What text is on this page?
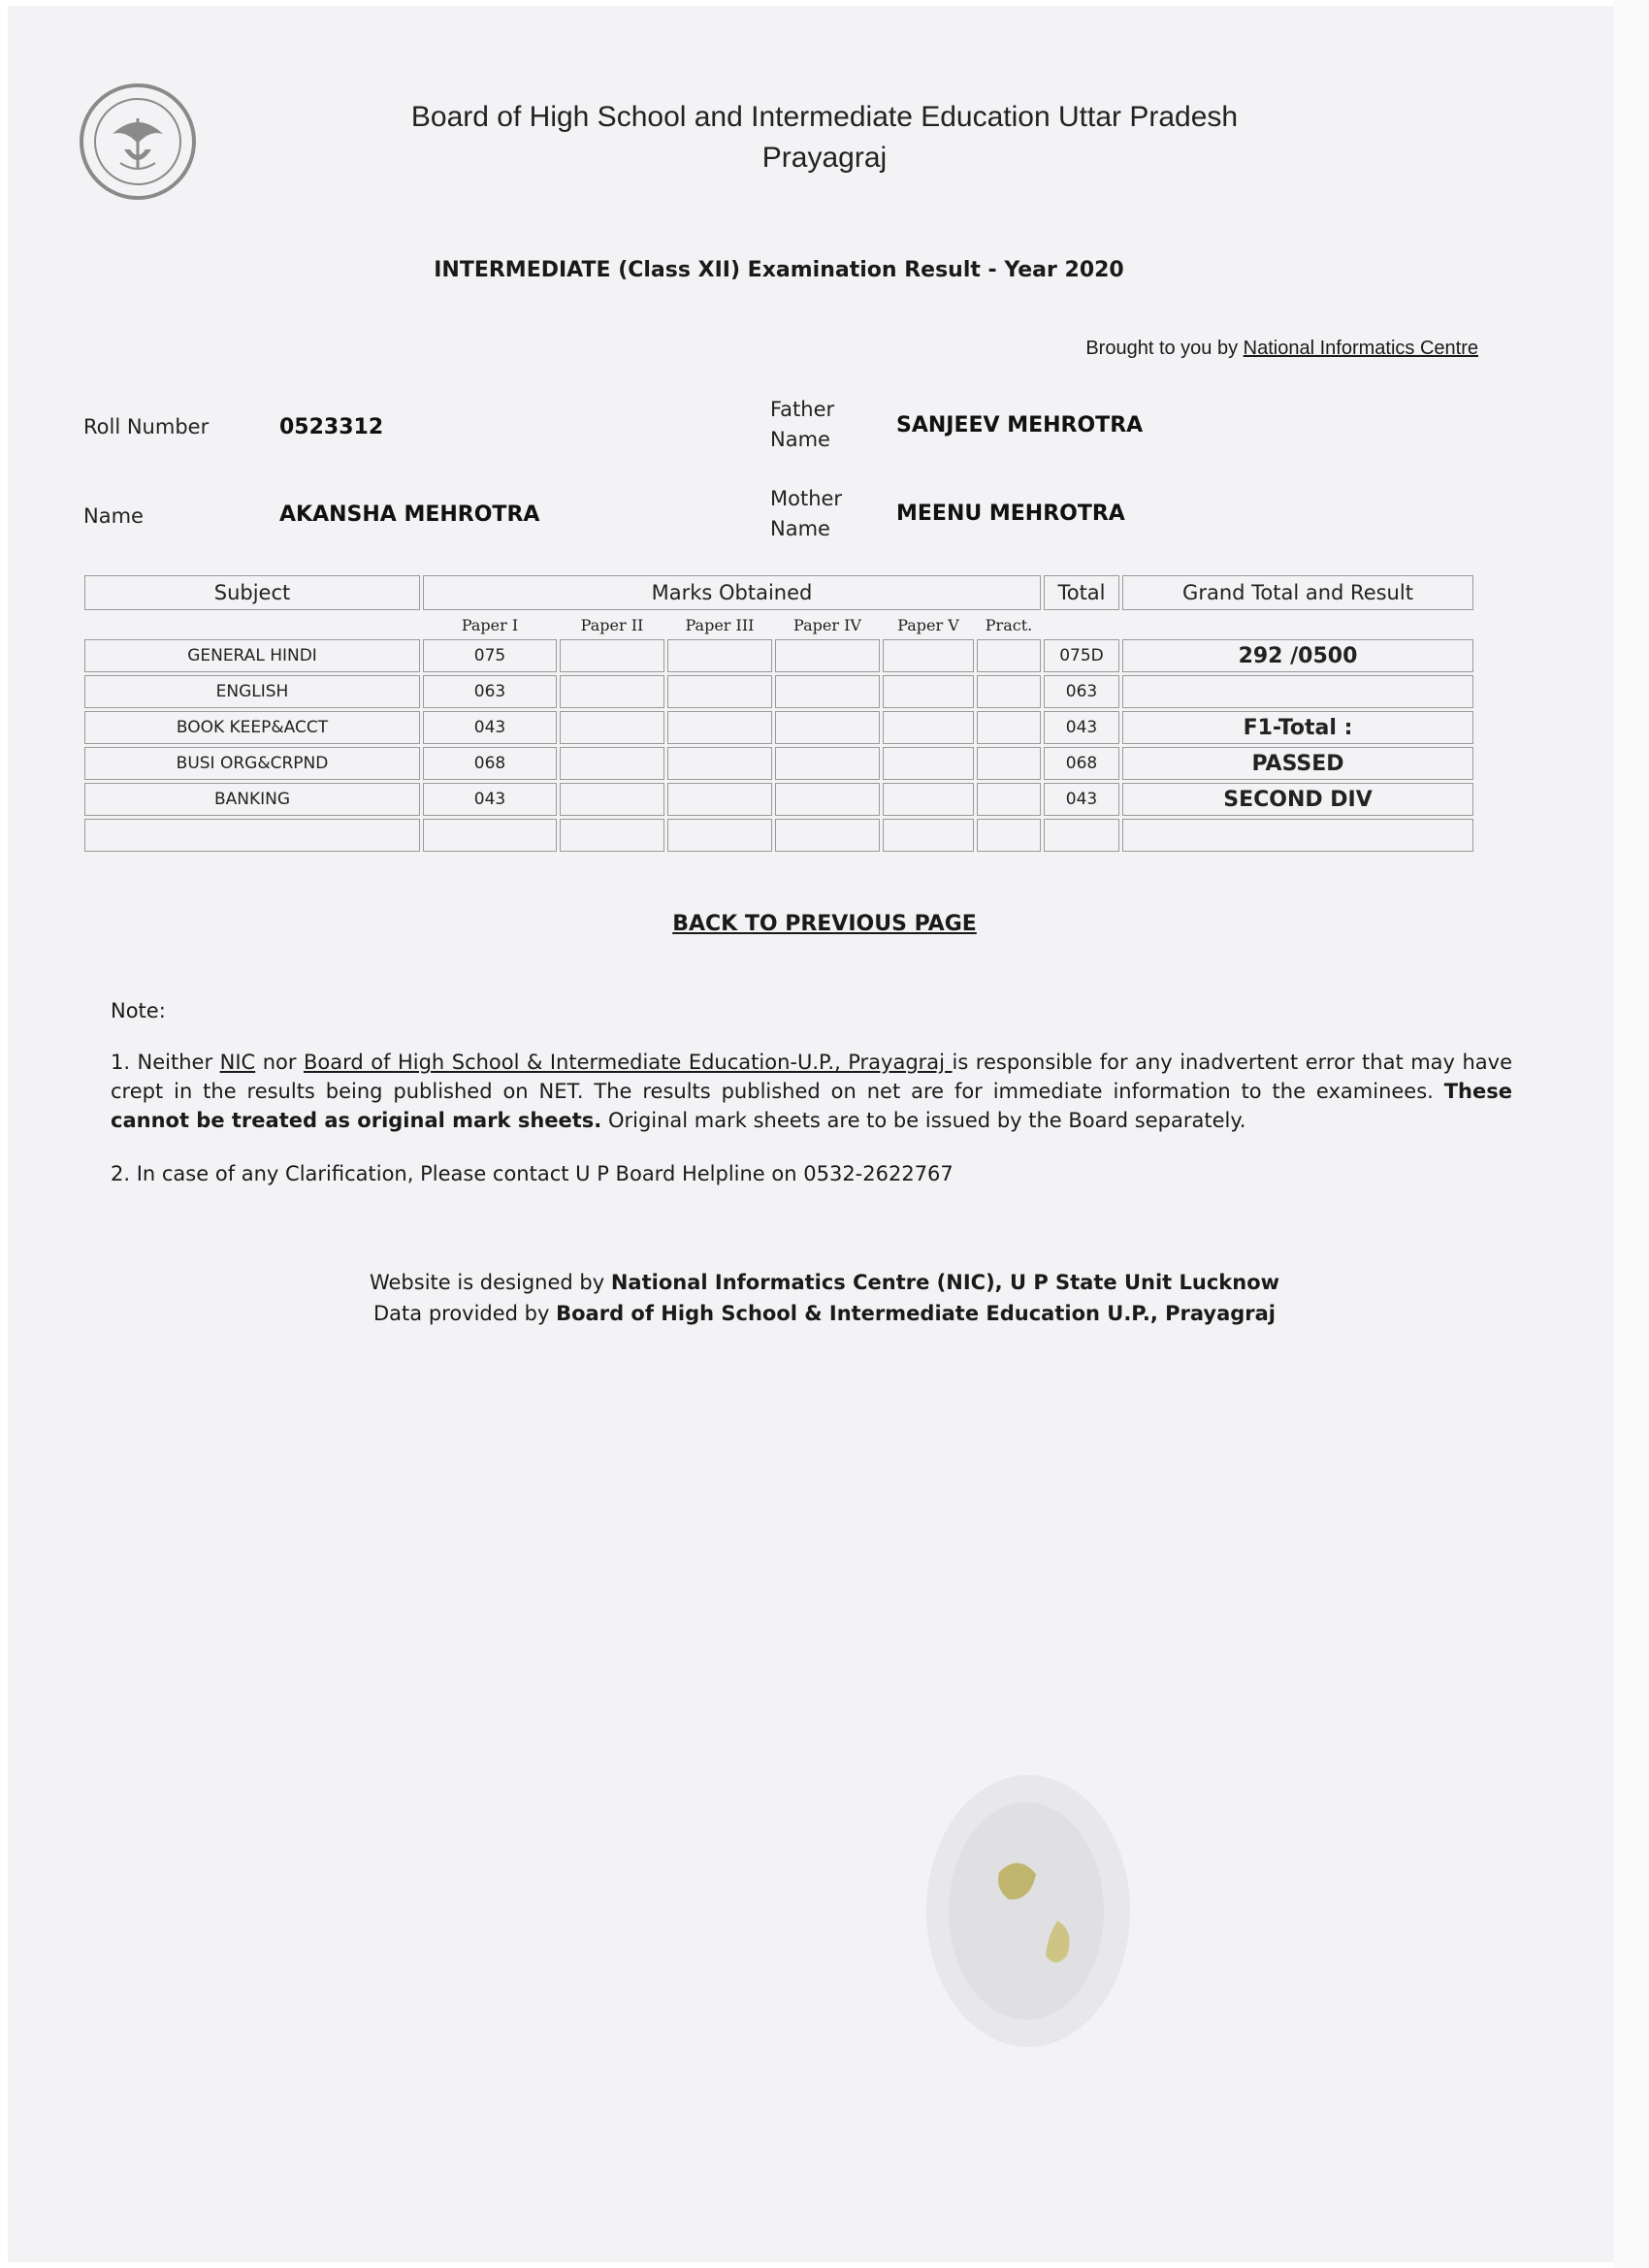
Board of High School and Intermediate Education Uttar Pradesh
Prayagraj
INTERMEDIATE (Class XII) Examination Result - Year 2020
Brought to you by National Informatics Centre
Roll Number	0523312
Name	AKANSHA MEHROTRA
Father
Name
SANJEEV MEHROTRA
Mother
Name
MEENU MEHROTRA
Subject	Marks Obtained						Total	Grand Total and Result
	Paper I	Paper II	Paper III	Paper IV	Paper V	Pract.		
GENERAL HINDI	075						075D	292 /0500
ENGLISH	063						063	
BOOK KEEP&ACCT	043						043	F1-Total :
BUSI ORG&CRPND	068						068	PASSED
BANKING	043						043	SECOND DIV

BACK TO PREVIOUS PAGE
Note:
1. Neither NIC nor Board of High School & Intermediate Education-U.P., Prayagraj is responsible for any inadvertent error that may have crept in the results being published on NET. The results published on net are for immediate information to the examinees. These cannot be treated as original mark sheets. Original mark sheets are to be issued by the Board separately.
2. In case of any Clarification, Please contact U P Board Helpline on 0532-2622767
Website is designed by National Informatics Centre (NIC), U P State Unit Lucknow
Data provided by Board of High School & Intermediate Education U.P., Prayagraj
